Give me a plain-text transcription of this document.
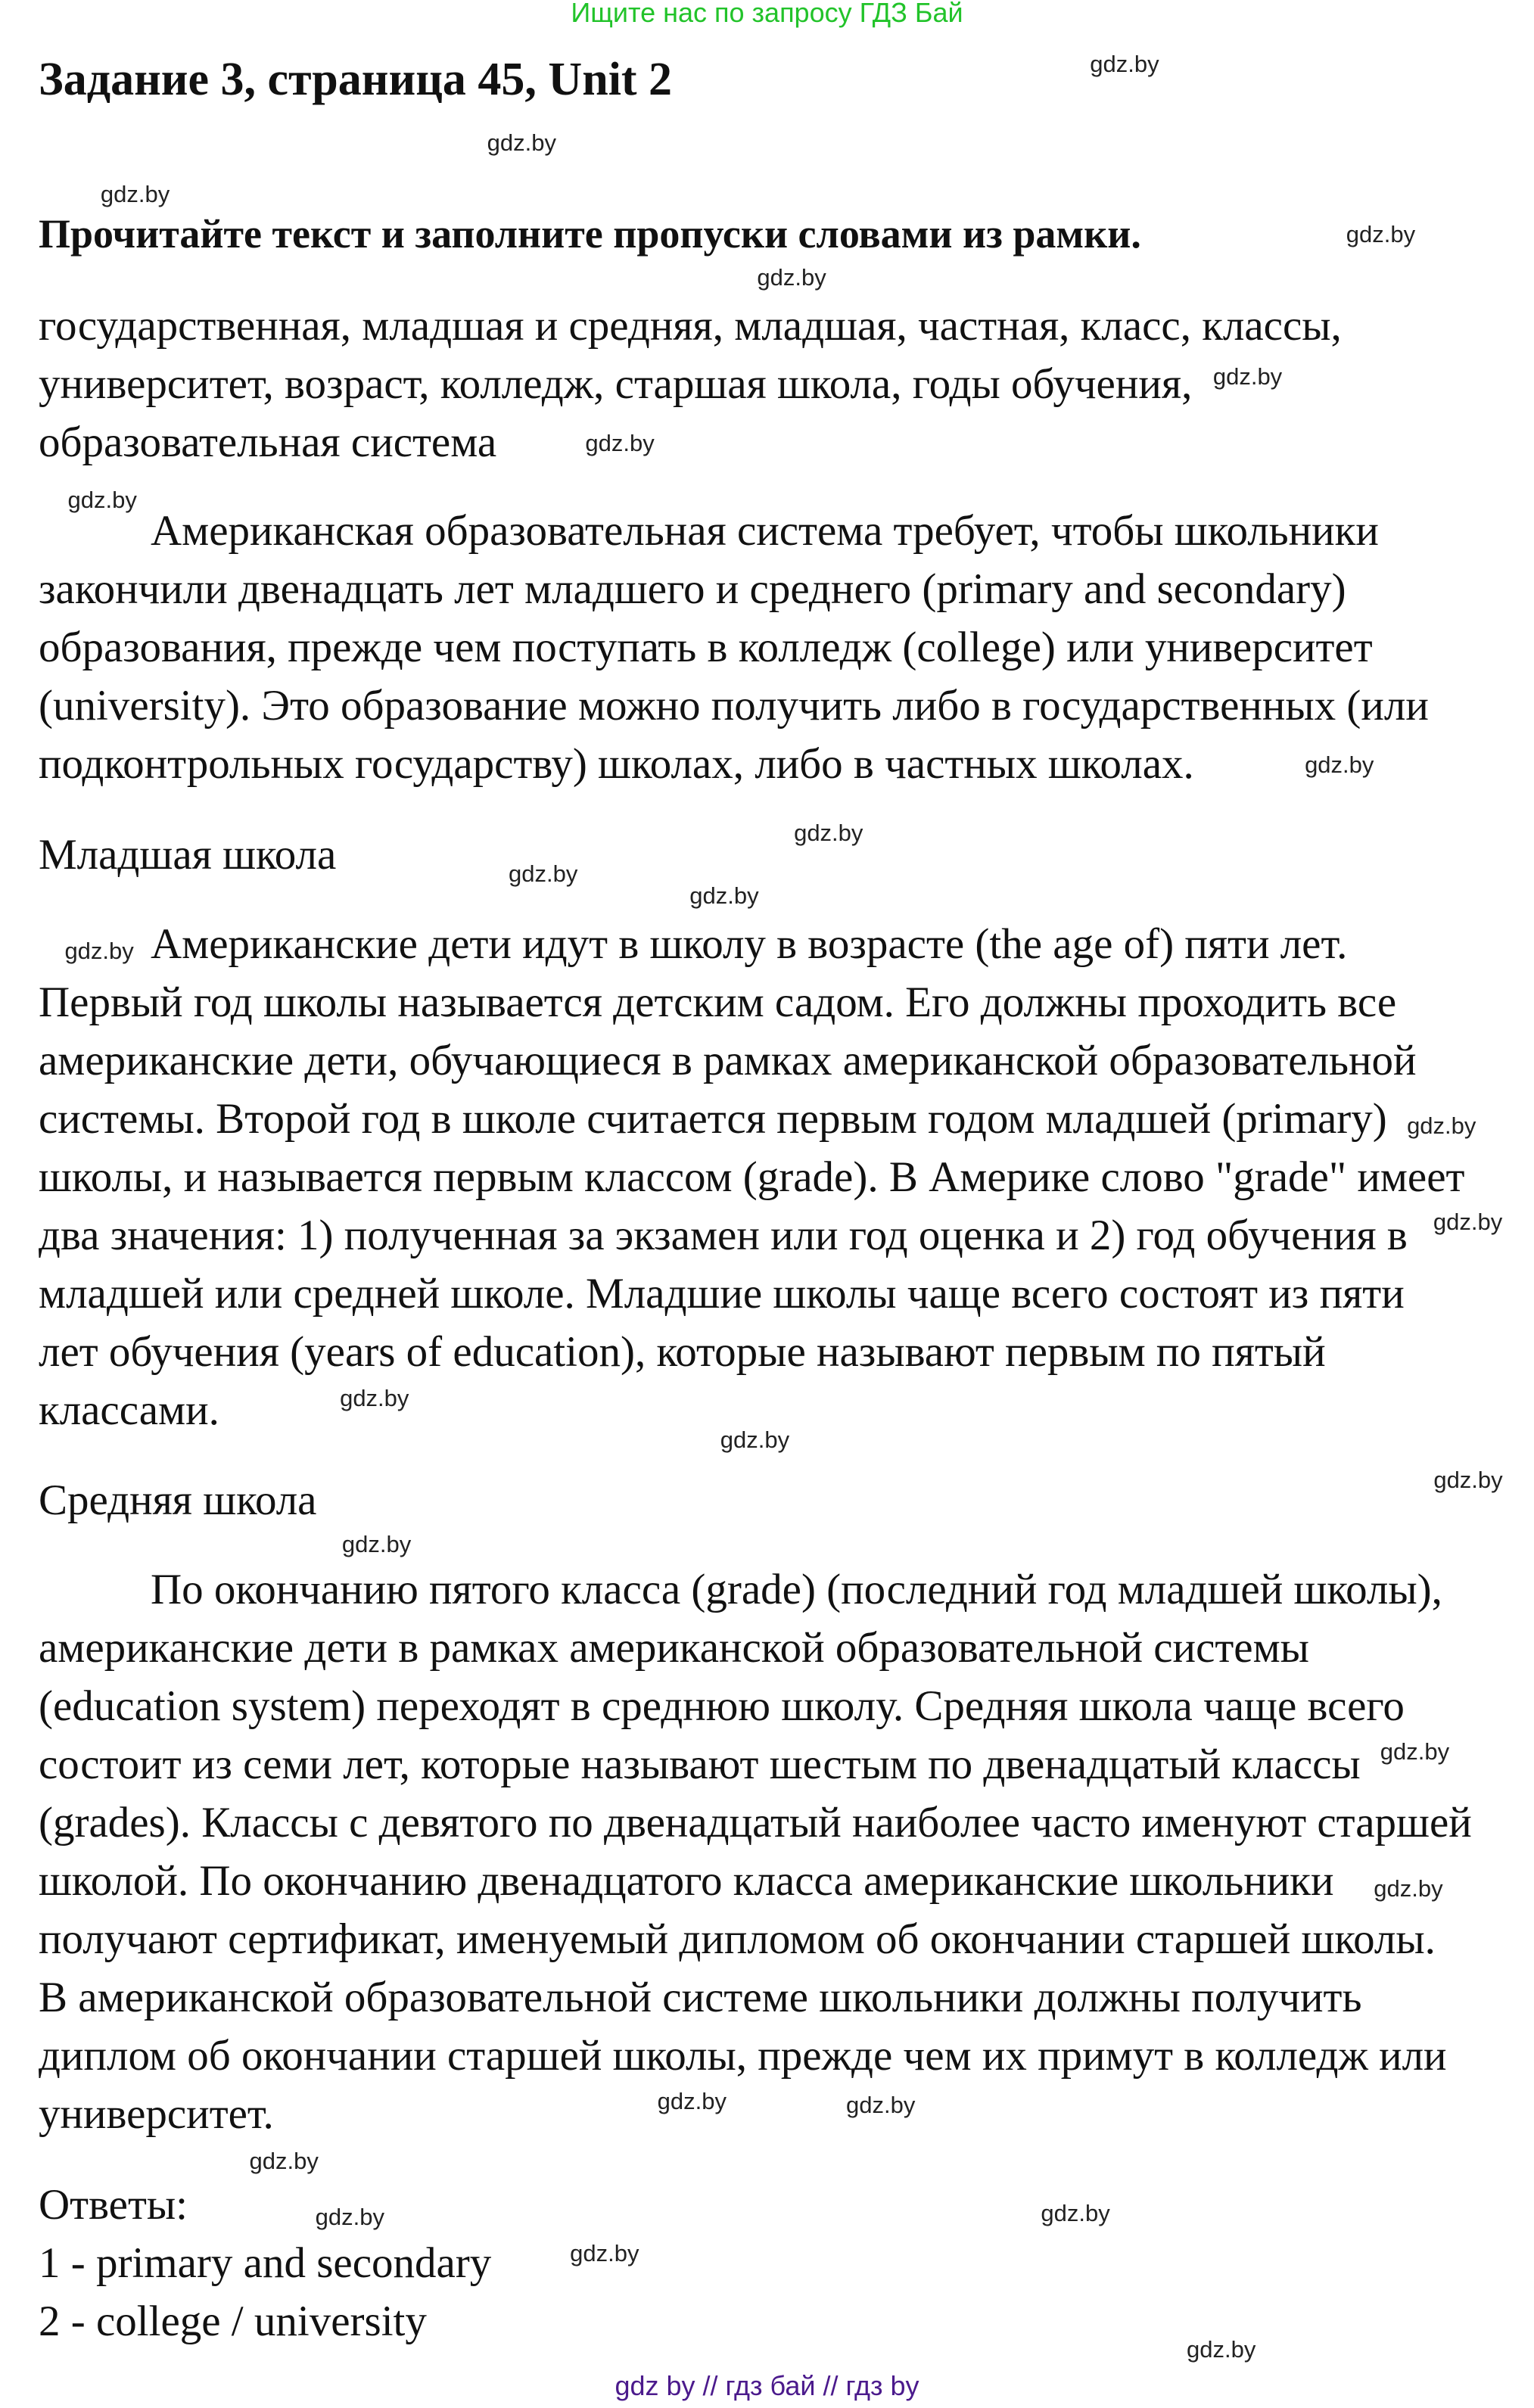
Ищите нас по запросу ГДЗ Бай
Задание 3, страница 45, Unit 2
Прочитайте текст и заполните пропуски словами из рамки.
государственная, младшая и средняя, младшая, частная, класс, классы,
университет, возраст, колледж, старшая школа, годы обучения,
образовательная система
Американская образовательная система требует, чтобы школьники
закончили двенадцать лет младшего и среднего (primary and secondary)
образования, прежде чем поступать в колледж (college) или университет
(university). Это образование можно получить либо в государственных (или
подконтрольных государству) школах, либо в частных школах.
Младшая школа
Американские дети идут в школу в возрасте (the age of) пяти лет.
Первый год школы называется детским садом. Его должны проходить все
американские дети, обучающиеся в рамках американской образовательной
системы. Второй год в школе считается первым годом младшей (primary)
школы, и называется первым классом (grade). В Америке слово "grade" имеет
два значения: 1) полученная за экзамен или год оценка и 2) год обучения в
младшей или средней школе. Младшие школы чаще всего состоят из пяти
лет обучения (years of education), которые называют первым по пятый
классами.
Средняя школа
По окончанию пятого класса (grade) (последний год младшей школы),
американские дети в рамках американской образовательной системы
(education system) переходят в среднюю школу. Средняя школа чаще всего
состоит из семи лет, которые называют шестым по двенадцатый классы
(grades). Классы с девятого по двенадцатый наиболее часто именуют старшей
школой. По окончанию двенадцатого класса американские школьники
получают сертификат, именуемый дипломом об окончании старшей школы.
В американской образовательной системе школьники должны получить
диплом об окончании старшей школы, прежде чем их примут в колледж или
университет.
Ответы:
1 - primary and secondary
2 - college / university
gdz.by
gdz.by
gdz.by
gdz.by
gdz.by
gdz.by
gdz.by
gdz.by
gdz.by
gdz.by
gdz.by
gdz.by
gdz.by
gdz.by
gdz.by
gdz.by
gdz.by
gdz.by
gdz.by
gdz.by
gdz.by
gdz.by
gdz.by
gdz.by
gdz.by
gdz.by
gdz.by
gdz.by
gdz by // гдз бай // гдз by
